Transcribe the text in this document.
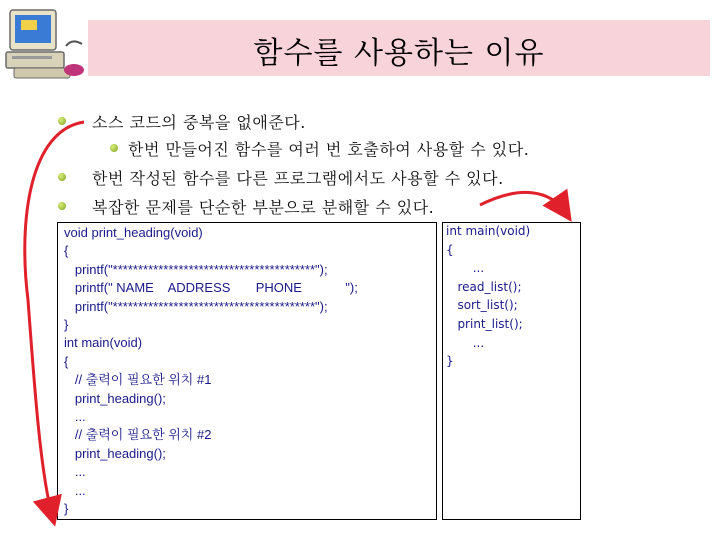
함수를 사용하는 이유
소스 코드의 중복을 없애준다.
한번 만들어진 함수를 여러 번 호출하여 사용할 수 있다.
한번 작성된 함수를 다른 프로그램에서도 사용할 수 있다.
복잡한 문제를 단순한 부분으로 분해할 수 있다.
void print_heading(void)
{
printf("****************************************");
printf(" NAME    ADDRESS       PHONE            ");
printf("****************************************");
}
int main(void)
{
// 출력이 필요한 위치 #1
print_heading();
...
// 출력이 필요한 위치 #2
print_heading();
...
...
}
int main(void)
{
...
read_list();
sort_list();
print_list();
...
}
